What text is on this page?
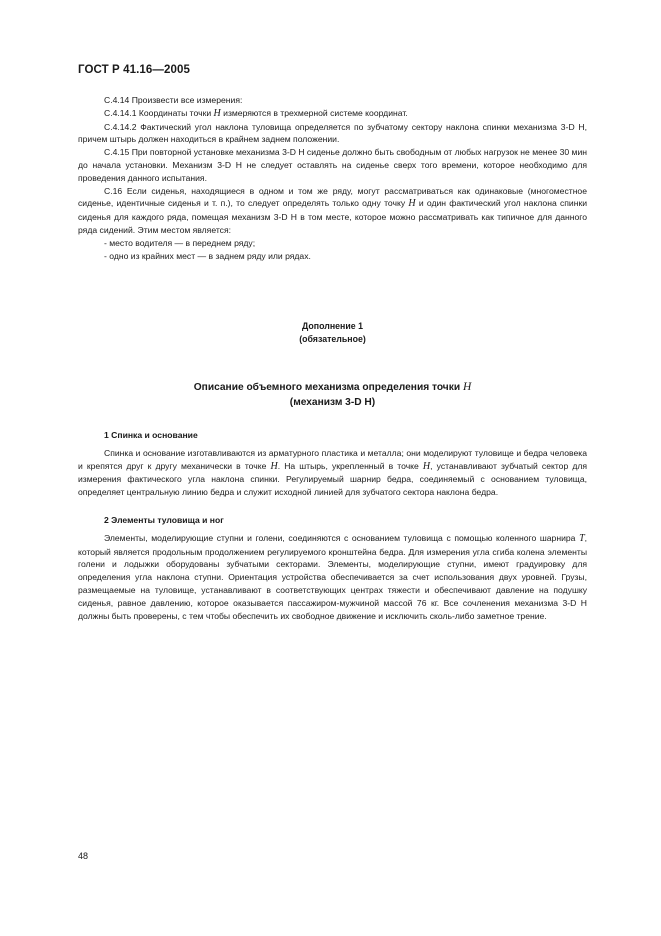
ГОСТ Р 41.16—2005

С.4.14 Произвести все измерения:

С.4.14.1 Координаты точки H измеряются в трехмерной системе координат.

С.4.14.2 Фактический угол наклона туловища определяется по зубчатому сектору наклона спинки механизма 3-D H, причем штырь должен находиться в крайнем заднем положении.

С.4.15 При повторной установке механизма 3-D H сиденье должно быть свободным от любых нагрузок не менее 30 мин до начала установки. Механизм 3-D H не следует оставлять на сиденье сверх того времени, которое необходимо для проведения данного испытания.

С.16 Если сиденья, находящиеся в одном и том же ряду, могут рассматриваться как одинаковые (многоместное сиденье, идентичные сиденья и т. п.), то следует определять только одну точку H и один фактический угол наклона спинки сиденья для каждого ряда, помещая механизм 3-D H в том месте, которое можно рассматривать как типичное для данного ряда сидений. Этим местом является:

- место водителя — в переднем ряду;

- одно из крайних мест — в заднем ряду или рядах.

Дополнение 1
(обязательное)
Описание объемного механизма определения точки H
(механизм 3-D H)

1 Спинка и основание

Спинка и основание изготавливаются из арматурного пластика и металла; они моделируют туловище и бедра человека и крепятся друг к другу механически в точке H. На штырь, укрепленный в точке H, устанавливают зубчатый сектор для измерения фактического угла наклона спинки. Регулируемый шарнир бедра, соединяемый с основанием туловища, определяет центральную линию бедра и служит исходной линией для зубчатого сектора наклона бедра.

2 Элементы туловища и ног

Элементы, моделирующие ступни и голени, соединяются с основанием туловища с помощью коленного шарнира T, который является продольным продолжением регулируемого кронштейна бедра. Для измерения угла сгиба колена элементы голени и лодыжки оборудованы зубчатыми секторами. Элементы, моделирующие ступни, имеют градуировку для определения угла наклона ступни. Ориентация устройства обеспечивается за счет использования двух уровней. Грузы, размещаемые на туловище, устанавливают в соответствующих центрах тяжести и обеспечивают давление на подушку сиденья, равное давлению, которое оказывается пассажиром-мужчиной массой 76 кг. Все сочленения механизма 3-D H должны быть проверены, с тем чтобы обеспечить их свободное движение и исключить сколь-либо заметное трение.

48
